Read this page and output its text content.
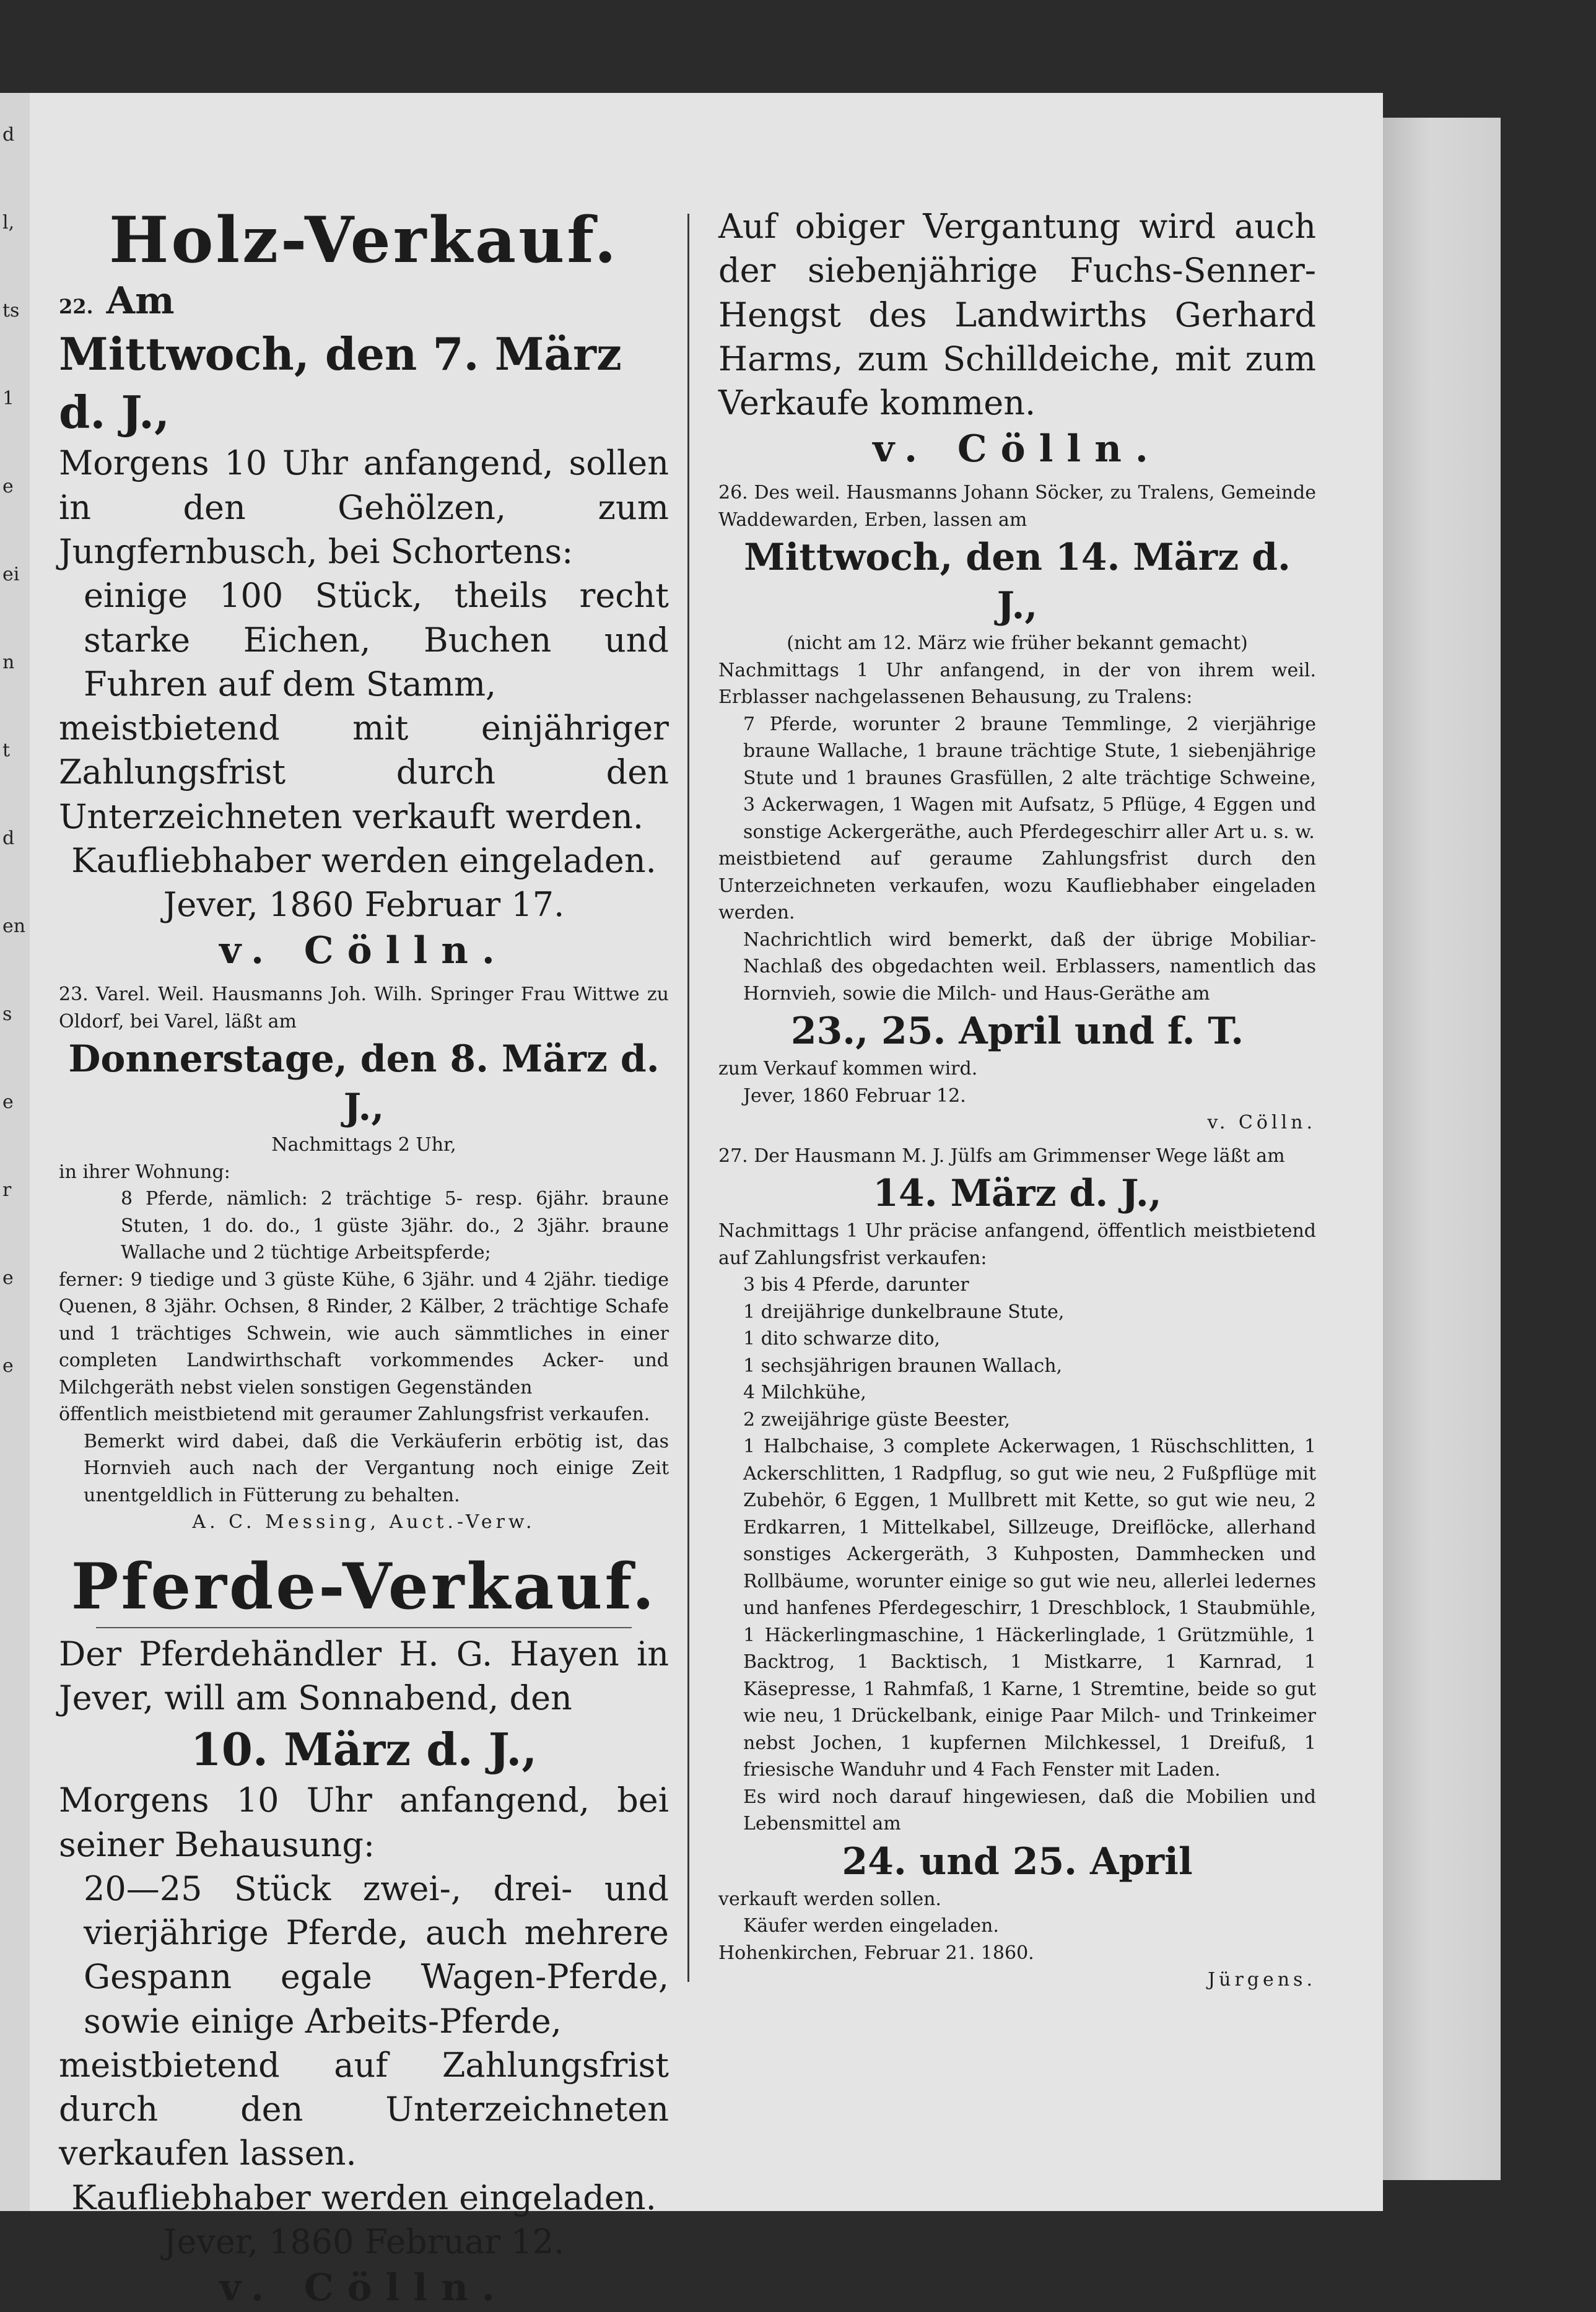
d
l,
ts
1
e
ei
n
t
d
en
s
e
r
e
e
Holz-Verkauf.
22. Am
Mittwoch, den 7. März d. J.,
Morgens 10 Uhr anfangend, sollen in den Gehölzen, zum Jungfernbusch, bei Schortens:
einige 100 Stück, theils recht starke Eichen, Buchen und Fuhren auf dem Stamm,
meistbietend mit einjähriger Zahlungsfrist durch den Unterzeichneten verkauft werden.
Kaufliebhaber werden eingeladen.
Jever, 1860 Februar 17.
v. Cölln.
23. Varel. Weil. Hausmanns Joh. Wilh. Springer Frau Wittwe zu Oldorf, bei Varel, läßt am
Donnerstage, den 8. März d. J.,
Nachmittags 2 Uhr,
in ihrer Wohnung:
8 Pferde, nämlich: 2 trächtige 5- resp. 6jähr. braune Stuten, 1 do. do., 1 güste 3jähr. do., 2 3jähr. braune Wallache und 2 tüchtige Arbeitspferde;
ferner: 9 tiedige und 3 güste Kühe, 6 3jähr. und 4 2jähr. tiedige Quenen, 8 3jähr. Ochsen, 8 Rinder, 2 Kälber, 2 trächtige Schafe und 1 trächtiges Schwein, wie auch sämmtliches in einer completen Landwirthschaft vorkommendes Acker- und Milchgeräth nebst vielen sonstigen Gegenständen
öffentlich meistbietend mit geraumer Zahlungsfrist verkaufen.
Bemerkt wird dabei, daß die Verkäuferin erbötig ist, das Hornvieh auch nach der Vergantung noch einige Zeit unentgeldlich in Fütterung zu behalten.
A. C. Messing, Auct.-Verw.
Pferde-Verkauf.
Der Pferdehändler H. G. Hayen in Jever, will am Sonnabend, den
10. März d. J.,
Morgens 10 Uhr anfangend, bei seiner Behausung:
20—25 Stück zwei-, drei- und vierjährige Pferde, auch mehrere Gespann egale Wagen-Pferde, sowie einige Arbeits-Pferde,
meistbietend auf Zahlungsfrist durch den Unterzeichneten verkaufen lassen.
Kaufliebhaber werden eingeladen.
Jever, 1860 Februar 12.
v. Cölln.
Auf obiger Vergantung wird auch der siebenjährige Fuchs-Senner-Hengst des Landwirths Gerhard Harms, zum Schilldeiche, mit zum Verkaufe kommen.
v. Cölln.
26. Des weil. Hausmanns Johann Söcker, zu Tralens, Gemeinde Waddewarden, Erben, lassen am
Mittwoch, den 14. März d. J.,
(nicht am 12. März wie früher bekannt gemacht)
Nachmittags 1 Uhr anfangend, in der von ihrem weil. Erblasser nachgelassenen Behausung, zu Tralens:
7 Pferde, worunter 2 braune Temmlinge, 2 vierjährige braune Wallache, 1 braune trächtige Stute, 1 siebenjährige Stute und 1 braunes Grasfüllen, 2 alte trächtige Schweine, 3 Ackerwagen, 1 Wagen mit Aufsatz, 5 Pflüge, 4 Eggen und sonstige Ackergeräthe, auch Pferdegeschirr aller Art u. s. w.
meistbietend auf geraume Zahlungsfrist durch den Unterzeichneten verkaufen, wozu Kaufliebhaber eingeladen werden.
Nachrichtlich wird bemerkt, daß der übrige Mobiliar-Nachlaß des obgedachten weil. Erblassers, namentlich das Hornvieh, sowie die Milch- und Haus-Geräthe am
23., 25. April und f. T.
zum Verkauf kommen wird.
Jever, 1860 Februar 12.
v. Cölln.
27. Der Hausmann M. J. Jülfs am Grimmenser Wege läßt am
14. März d. J.,
Nachmittags 1 Uhr präcise anfangend, öffentlich meistbietend auf Zahlungsfrist verkaufen:
3 bis 4 Pferde, darunter
1 dreijährige dunkelbraune Stute,
1 dito schwarze dito,
1 sechsjährigen braunen Wallach,
4 Milchkühe,
2 zweijährige güste Beester,
1 Halbchaise, 3 complete Ackerwagen, 1 Rüschschlitten, 1 Ackerschlitten, 1 Radpflug, so gut wie neu, 2 Fußpflüge mit Zubehör, 6 Eggen, 1 Mullbrett mit Kette, so gut wie neu, 2 Erdkarren, 1 Mittelkabel, Sillzeuge, Dreiflöcke, allerhand sonstiges Ackergeräth, 3 Kuhposten, Dammhecken und Rollbäume, worunter einige so gut wie neu, allerlei ledernes und hanfenes Pferdegeschirr, 1 Dreschblock, 1 Staubmühle, 1 Häckerlingmaschine, 1 Häckerlinglade, 1 Grützmühle, 1 Backtrog, 1 Backtisch, 1 Mistkarre, 1 Karnrad, 1 Käsepresse, 1 Rahmfaß, 1 Karne, 1 Stremtine, beide so gut wie neu, 1 Drückelbank, einige Paar Milch- und Trinkeimer nebst Jochen, 1 kupfernen Milchkessel, 1 Dreifuß, 1 friesische Wanduhr und 4 Fach Fenster mit Laden.
Es wird noch darauf hingewiesen, daß die Mobilien und Lebensmittel am
24. und 25. April
verkauft werden sollen.
Käufer werden eingeladen.
Hohenkirchen, Februar 21. 1860.
Jürgens.
